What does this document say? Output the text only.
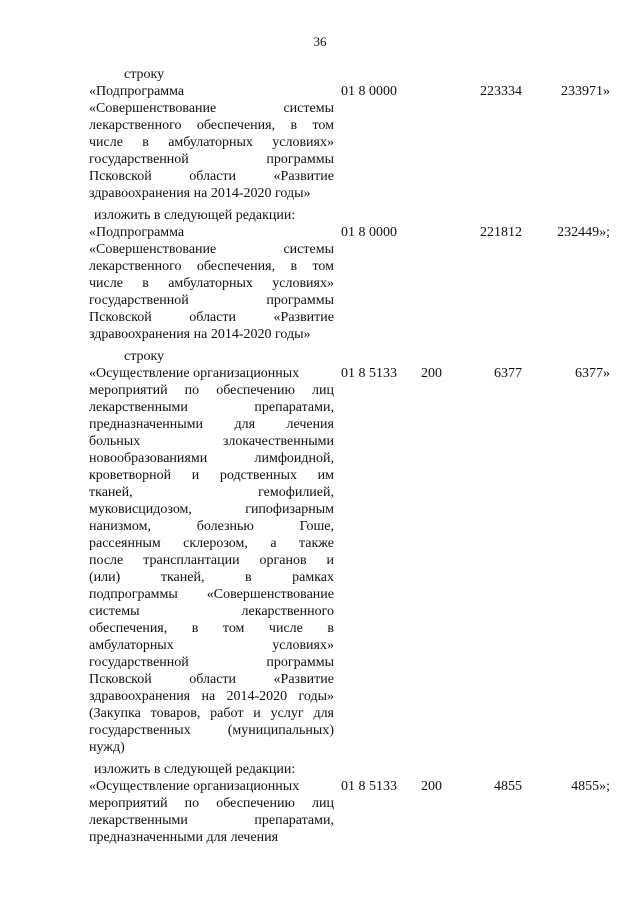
36
строку
«Подпрограмма
«Совершенствование системы
лекарственного обеспечения, в том
числе в амбулаторных условиях»
государственной программы
Псковской области «Развитие
здравоохранения на 2014-2020 годы»
01 8 0000	223334	233971»
изложить в следующей редакции:
«Подпрограмма
«Совершенствование системы
лекарственного обеспечения, в том
числе в амбулаторных условиях»
государственной программы
Псковской области «Развитие
здравоохранения на 2014-2020 годы»
01 8 0000	221812	232449»;
строку
«Осуществление организационных
мероприятий по обеспечению лиц
лекарственными препаратами,
предназначенными для лечения
больных злокачественными
новообразованиями лимфоидной,
кроветворной и родственных им
тканей, гемофилией,
муковисцидозом, гипофизарным
нанизмом, болезнью Гоше,
рассеянным склерозом, а также
после трансплантации органов и
(или) тканей, в рамках
подпрограммы «Совершенствование
системы лекарственного
обеспечения, в том числе в
амбулаторных условиях»
государственной программы
Псковской области «Развитие
здравоохранения на 2014-2020 годы»
(Закупка товаров, работ и услуг для
государственных (муниципальных)
нужд)
01 8 5133 200	6377	6377»
изложить в следующей редакции:
«Осуществление организационных
мероприятий по обеспечению лиц
лекарственными препаратами,
предназначенными для лечения
01 8 5133 200	4855	4855»;
